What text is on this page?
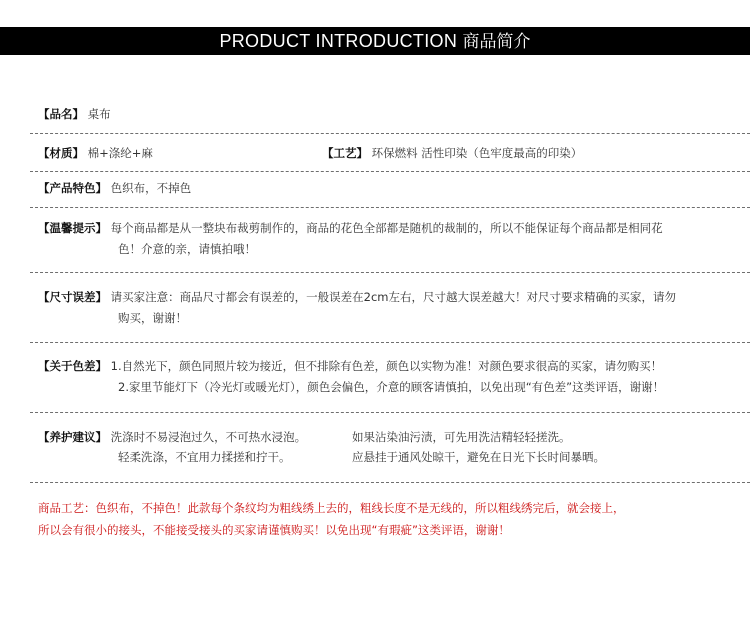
PRODUCT INTRODUCTION 商品简介
【品名】 桌布
【材质】 棉+涤纶+麻	【工艺】 环保燃料 活性印染（色牢度最高的印染）
【产品特色】 色织布，不掉色
【温馨提示】 每个商品都是从一整块布裁剪制作的，商品的花色全部都是随机的裁制的，所以不能保证每个商品都是相同花
色！介意的亲，请慎拍哦！
【尺寸误差】 请买家注意：商品尺寸都会有误差的，一般误差在2cm左右，尺寸越大误差越大！对尺寸要求精确的买家，请勿
购买，谢谢！
【关于色差】 1.自然光下，颜色同照片较为接近，但不排除有色差，颜色以实物为准！对颜色要求很高的买家，请勿购买！
2.家里节能灯下（冷光灯或暖光灯），颜色会偏色，介意的顾客请慎拍，以免出现“有色差”这类评语，谢谢！
【养护建议】 洗涤时不易浸泡过久，不可热水浸泡。	如果沾染油污渍，可先用洗洁精轻轻搓洗。
轻柔洗涤，不宜用力揉搓和拧干。	应悬挂于通风处晾干，避免在日光下长时间暴晒。
商品工艺：色织布，不掉色！此款每个条纹均为粗线绣上去的，粗线长度不是无线的，所以粗线绣完后，就会接上，
所以会有很小的接头，不能接受接头的买家请谨慎购买！以免出现“有瑕疵”这类评语，谢谢！
